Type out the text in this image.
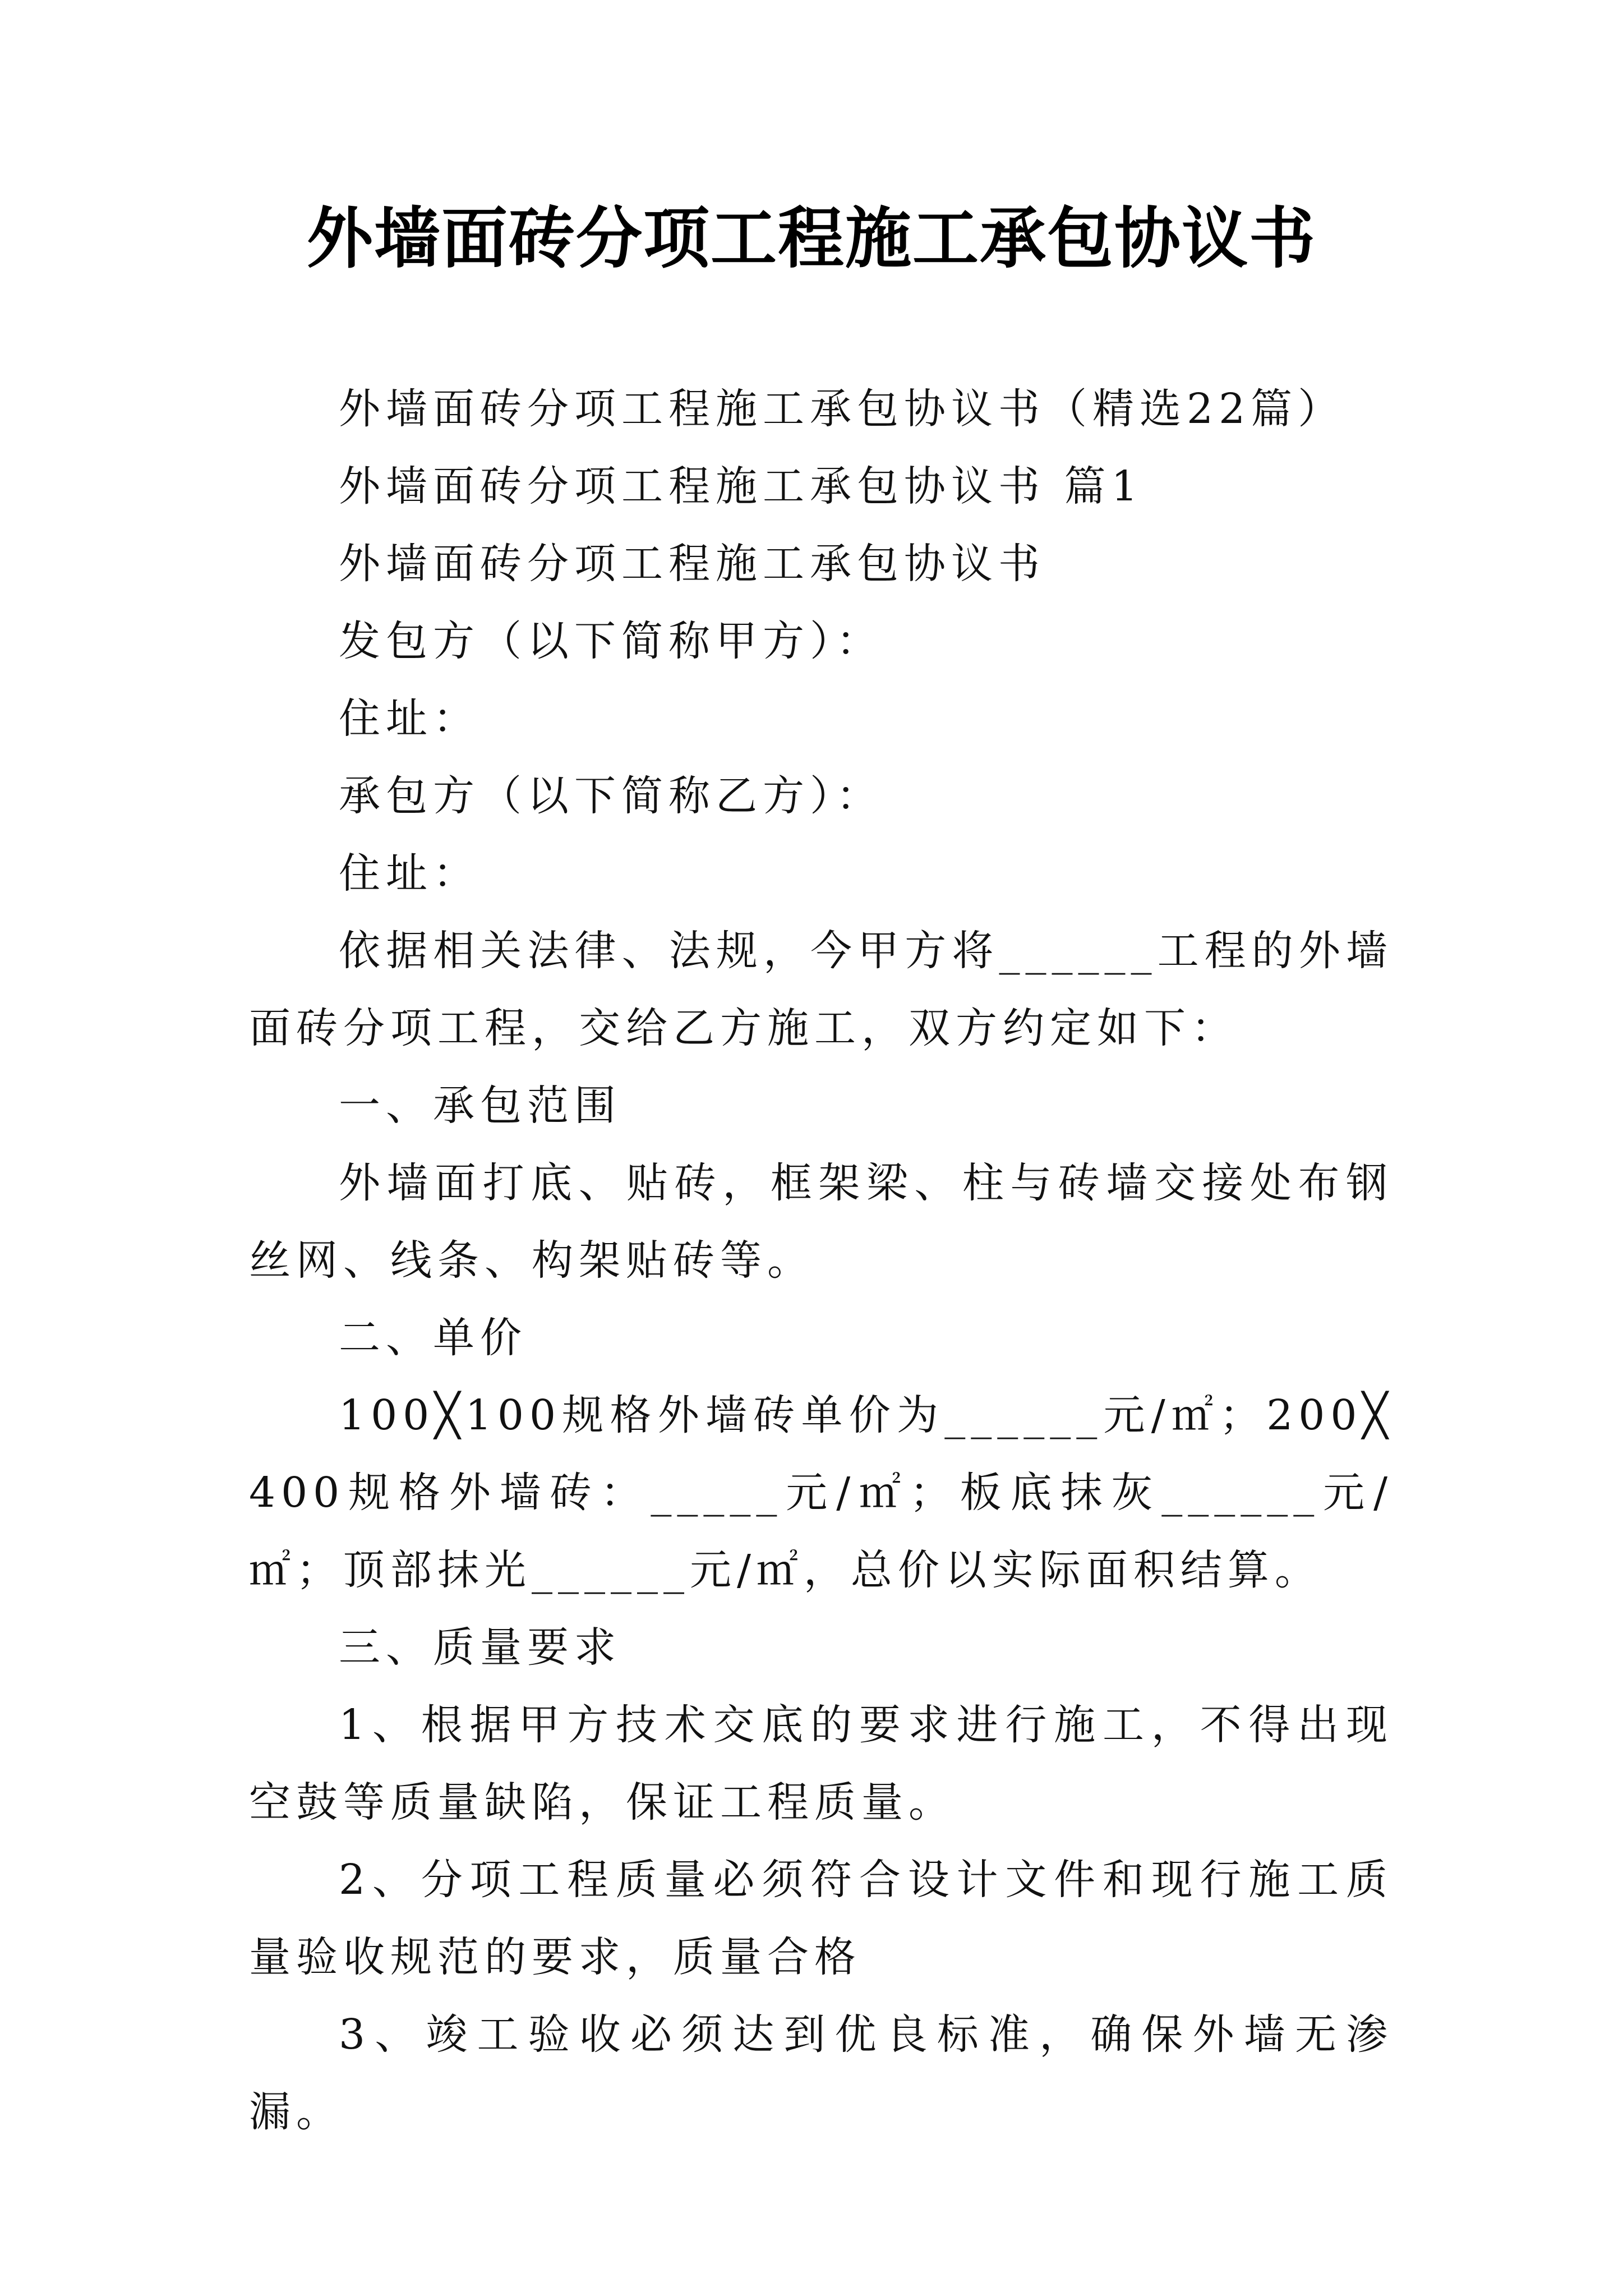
外墙面砖分项工程施工承包协议书

外墙面砖分项工程施工承包协议书（精选22篇）

外墙面砖分项工程施工承包协议书 篇1

外墙面砖分项工程施工承包协议书

发包方（以下简称甲方）：

住址：

承包方（以下简称乙方）：

住址：

依据相关法律、法规，今甲方将______工程的外墙面砖分项工程，交给乙方施工，双方约定如下：

一、承包范围

外墙面打底、贴砖，框架梁、柱与砖墙交接处布钢丝网、线条、构架贴砖等。

二、单价

100╳100规格外墙砖单价为______元/㎡；200╳400规格外墙砖：_____元/㎡；板底抹灰______元/㎡；顶部抹光______元/㎡，总价以实际面积结算。

三、质量要求

1、根据甲方技术交底的要求进行施工，不得出现空鼓等质量缺陷，保证工程质量。

2、分项工程质量必须符合设计文件和现行施工质量验收规范的要求，质量合格

3、竣工验收必须达到优良标准，确保外墙无渗漏。
